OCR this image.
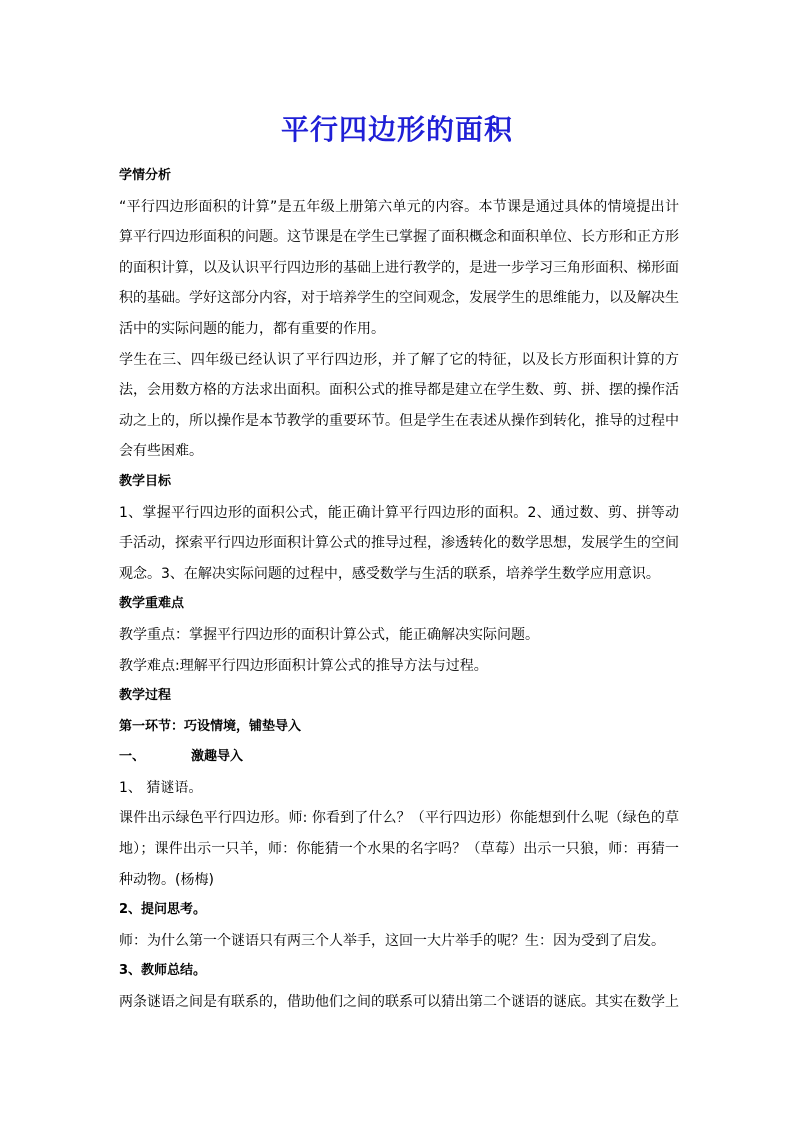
平行四边形的面积

学情分析

“平行四边形面积的计算”是五年级上册第六单元的内容。本节课是通过具体的情境提出计算平行四边形面积的问题。这节课是在学生已掌握了面积概念和面积单位、长方形和正方形的面积计算，以及认识平行四边形的基础上进行教学的，是进一步学习三角形面积、梯形面积的基础。学好这部分内容，对于培养学生的空间观念，发展学生的思维能力，以及解决生活中的实际问题的能力，都有重要的作用。

学生在三、四年级已经认识了平行四边形，并了解了它的特征，以及长方形面积计算的方法，会用数方格的方法求出面积。面积公式的推导都是建立在学生数、剪、拼、摆的操作活动之上的，所以操作是本节教学的重要环节。但是学生在表述从操作到转化，推导的过程中会有些困难。

教学目标

1、掌握平行四边形的面积公式，能正确计算平行四边形的面积。2、通过数、剪、拼等动手活动，探索平行四边形面积计算公式的推导过程，渗透转化的数学思想，发展学生的空间观念。3、在解决实际问题的过程中，感受数学与生活的联系，培养学生数学应用意识。

教学重难点

教学重点：掌握平行四边形的面积计算公式，能正确解决实际问题。

教学难点:理解平行四边形面积计算公式的推导方法与过程。

教学过程

第一环节：巧设情境，铺垫导入

一、	激趣导入

1、 猜谜语。

课件出示绿色平行四边形。师: 你看到了什么？（平行四边形）你能想到什么呢（绿色的草地）；课件出示一只羊，师：你能猜一个水果的名字吗？（草莓）出示一只狼，师：再猜一种动物。(杨梅)

2、提问思考。

师：为什么第一个谜语只有两三个人举手，这回一大片举手的呢？生：因为受到了启发。

3、教师总结。

两条谜语之间是有联系的，借助他们之间的联系可以猜出第二个谜语的谜底。其实在数学上
